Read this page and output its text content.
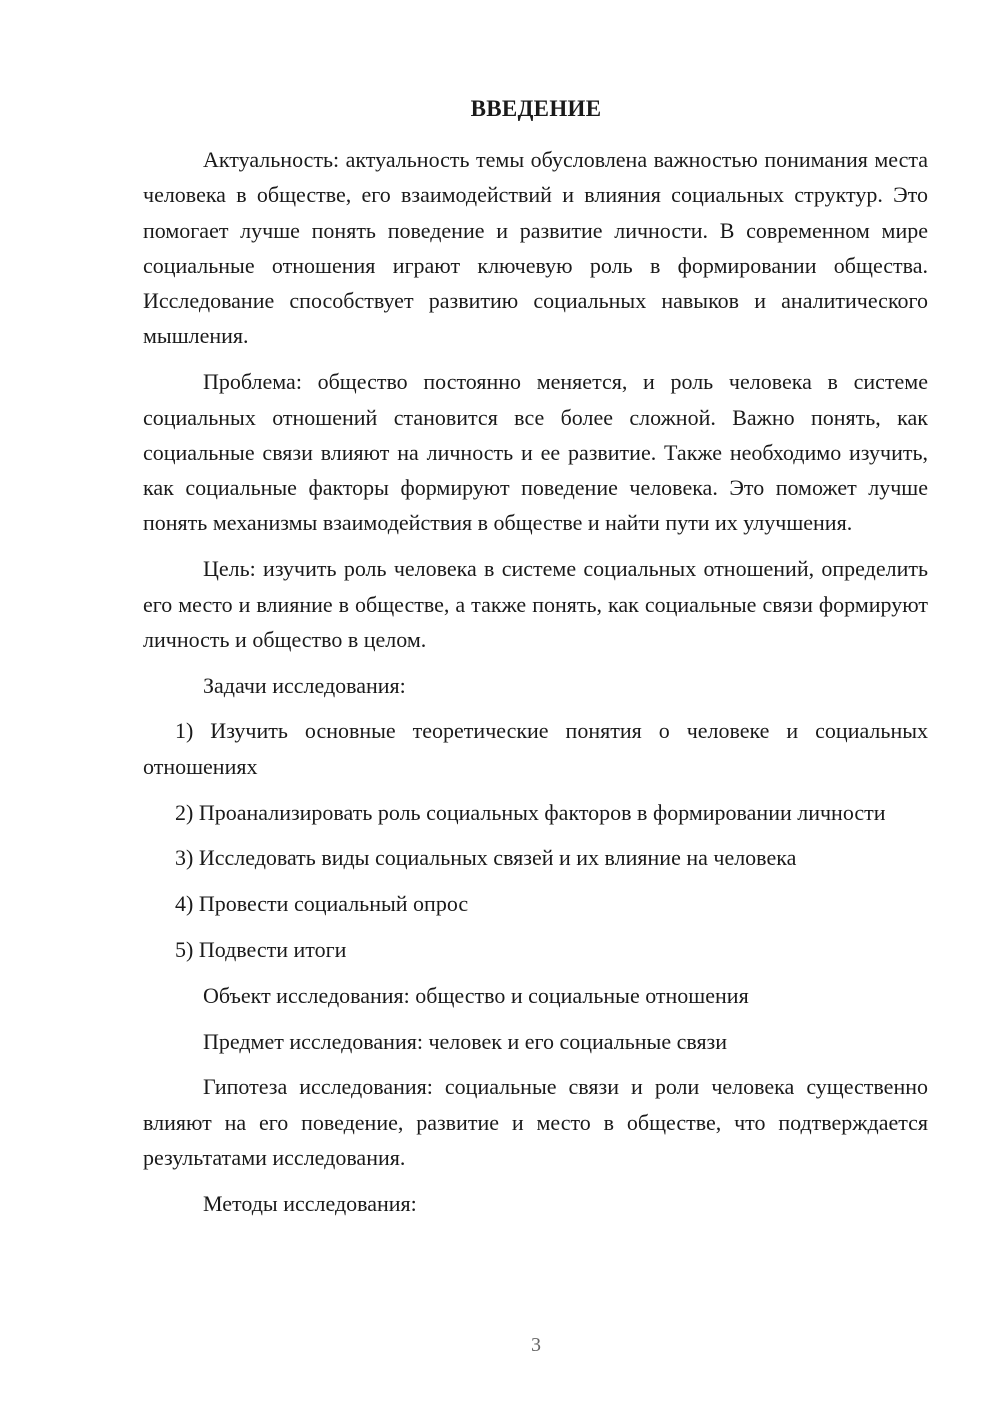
ВВЕДЕНИЕ

Актуальность: актуальность темы обусловлена важностью понимания места человека в обществе, его взаимодействий и влияния социальных структур. Это помогает лучше понять поведение и развитие личности. В современном мире социальные отношения играют ключевую роль в формировании общества. Исследование способствует развитию социальных навыков и аналитического мышления.

Проблема: общество постоянно меняется, и роль человека в системе социальных отношений становится все более сложной. Важно понять, как социальные связи влияют на личность и ее развитие. Также необходимо изучить, как социальные факторы формируют поведение человека. Это поможет лучше понять механизмы взаимодействия в обществе и найти пути их улучшения.

Цель: изучить роль человека в системе социальных отношений, определить его место и влияние в обществе, а также понять, как социальные связи формируют личность и общество в целом.

Задачи исследования:

1) Изучить основные теоретические понятия о человеке и социальных отношениях

2) Проанализировать роль социальных факторов в формировании личности

3) Исследовать виды социальных связей и их влияние на человека

4) Провести социальный опрос

5) Подвести итоги

Объект исследования: общество и социальные отношения

Предмет исследования: человек и его социальные связи

Гипотеза исследования: социальные связи и роли человека существенно влияют на его поведение, развитие и место в обществе, что подтверждается результатами исследования.

Методы исследования:

3
